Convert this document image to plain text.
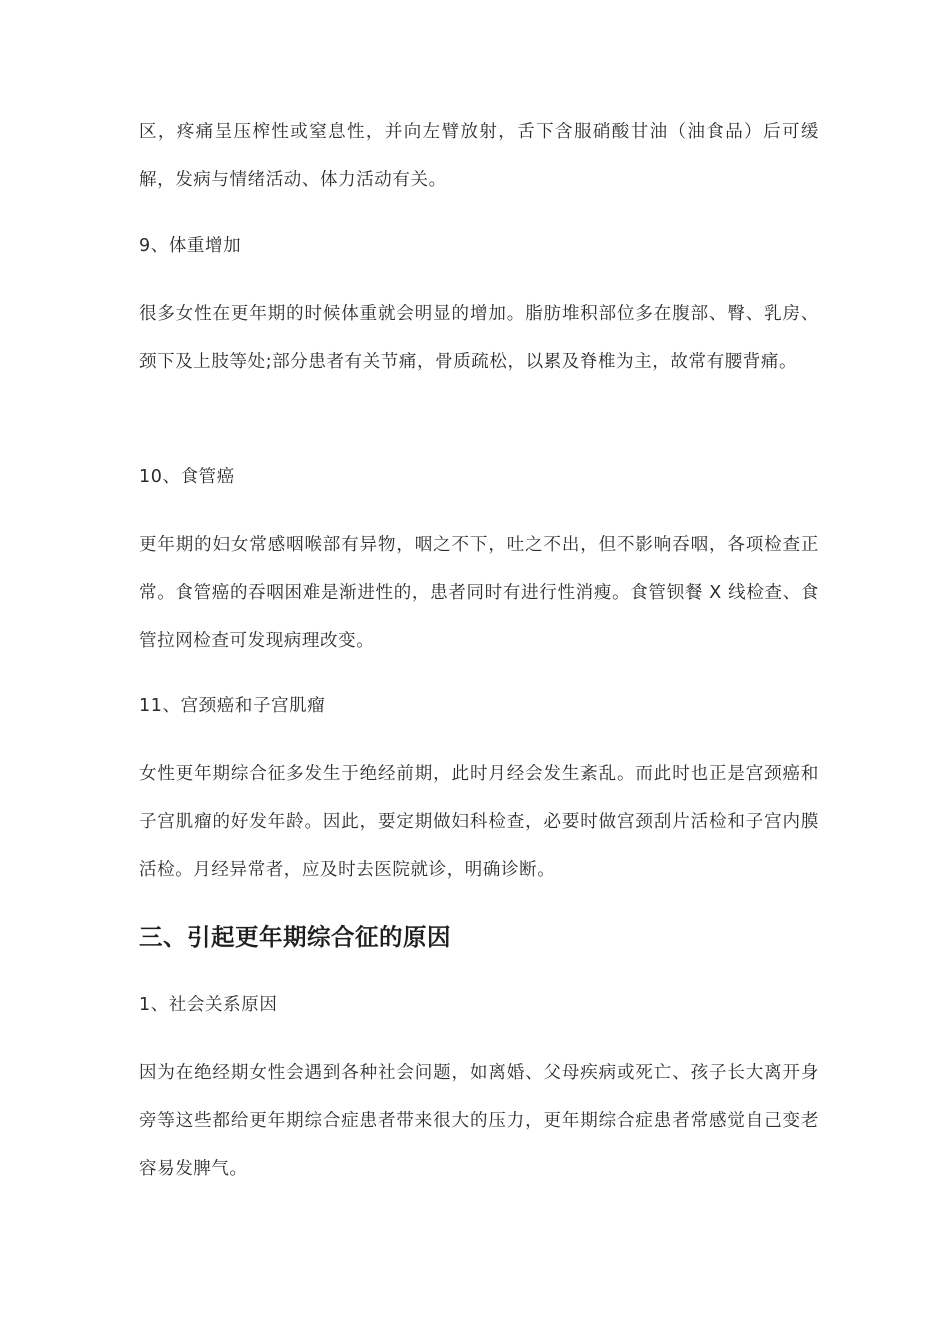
区，疼痛呈压榨性或窒息性，并向左臂放射，舌下含服硝酸甘油（油食品）后可缓解，发病与情绪活动、体力活动有关。

9、体重增加

很多女性在更年期的时候体重就会明显的增加。脂肪堆积部位多在腹部、臀、乳房、颈下及上肢等处;部分患者有关节痛，骨质疏松，以累及脊椎为主，故常有腰背痛。

10、食管癌

更年期的妇女常感咽喉部有异物，咽之不下，吐之不出，但不影响吞咽，各项检查正常。食管癌的吞咽困难是渐进性的，患者同时有进行性消瘦。食管钡餐 X 线检查、食管拉网检查可发现病理改变。

11、宫颈癌和子宫肌瘤

女性更年期综合征多发生于绝经前期，此时月经会发生紊乱。而此时也正是宫颈癌和子宫肌瘤的好发年龄。因此，要定期做妇科检查，必要时做宫颈刮片活检和子宫内膜活检。月经异常者，应及时去医院就诊，明确诊断。

三、引起更年期综合征的原因

1、社会关系原因

因为在绝经期女性会遇到各种社会问题，如离婚、父母疾病或死亡、孩子长大离开身旁等这些都给更年期综合症患者带来很大的压力，更年期综合症患者常感觉自己变老容易发脾气。
